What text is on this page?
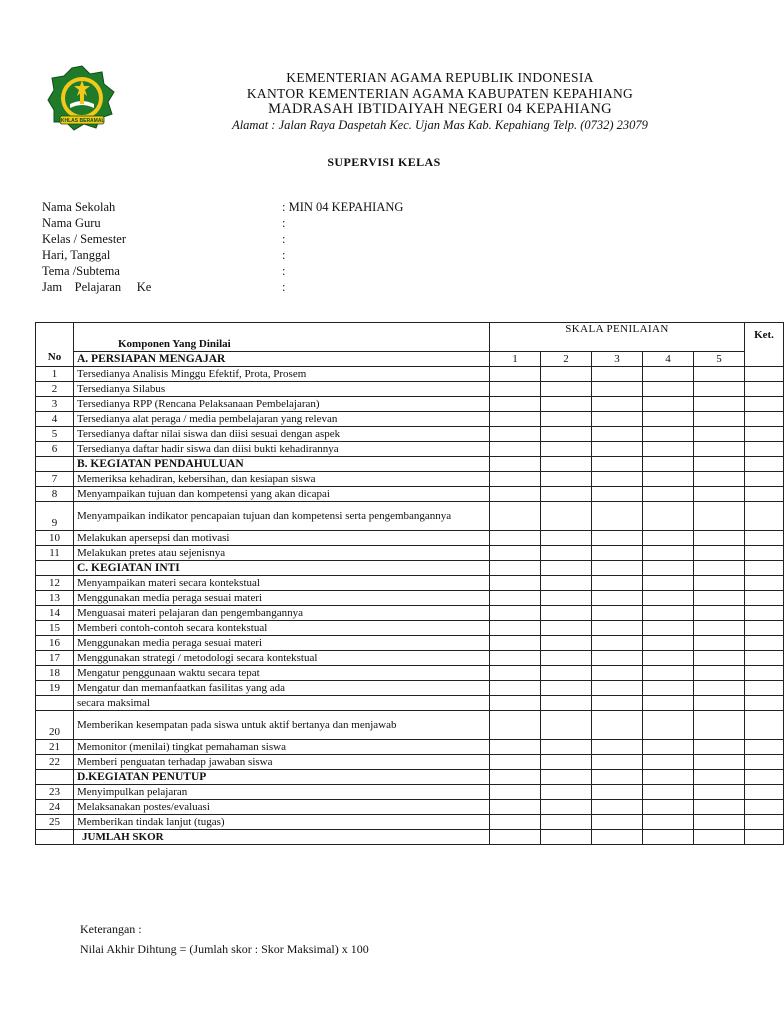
IKHLAS BERAMAL
KEMENTERIAN AGAMA REPUBLIK INDONESIA
KANTOR KEMENTERIAN AGAMA KABUPATEN KEPAHIANG
MADRASAH IBTIDAIYAH NEGERI 04 KEPAHIANG
Alamat : Jalan Raya Daspetah Kec. Ujan Mas Kab. Kepahiang Telp. (0732) 23079
SUPERVISI KELAS
Nama Sekolah	: MIN 04 KEPAHIANG
Nama Guru	:
Kelas / Semester	:
Hari, Tanggal	:
Tema /Subtema	:
Jam    Pelajaran     Ke	:
No	Komponen Yang Dinilai	SKALA PENILAIAN					Ket.
	A. PERSIAPAN MENGAJAR	1	2	3	4	5	
1	Tersedianya Analisis Minggu Efektif, Prota, Prosem						
2	Tersedianya Silabus						
3	Tersedianya RPP (Rencana Pelaksanaan Pembelajaran)						
4	Tersedianya alat peraga / media pembelajaran yang relevan						
5	Tersedianya daftar nilai siswa dan diisi sesuai dengan aspek						
6	Tersedianya daftar hadir siswa dan diisi bukti kehadirannya						
	B. KEGIATAN PENDAHULUAN						
7	Memeriksa kehadiran, kebersihan, dan kesiapan siswa						
8	Menyampaikan tujuan dan kompetensi yang akan dicapai						
9	Menyampaikan indikator pencapaian tujuan dan kompetensi serta pengembangannya						
10	Melakukan apersepsi dan motivasi						
11	Melakukan pretes atau sejenisnya						
	C. KEGIATAN INTI						
12	Menyampaikan materi secara kontekstual						
13	Menggunakan media peraga sesuai materi						
14	Menguasai materi pelajaran dan pengembangannya						
15	Memberi contoh-contoh secara kontekstual						
16	Menggunakan media peraga sesuai materi						
17	Menggunakan strategi / metodologi secara kontekstual						
18	Mengatur penggunaan waktu secara tepat						
19	Mengatur dan memanfaatkan fasilitas yang ada						
	secara maksimal						
20	Memberikan kesempatan pada siswa untuk aktif bertanya dan menjawab						
21	Memonitor (menilai) tingkat pemahaman siswa						
22	Memberi penguatan terhadap jawaban siswa						
	D.KEGIATAN PENUTUP						
23	Menyimpulkan pelajaran						
24	Melaksanakan postes/evaluasi						
25	Memberikan tindak lanjut (tugas)						
	JUMLAH SKOR						
Keterangan :
Nilai Akhir Dihtung = (Jumlah skor : Skor Maksimal) x 100
